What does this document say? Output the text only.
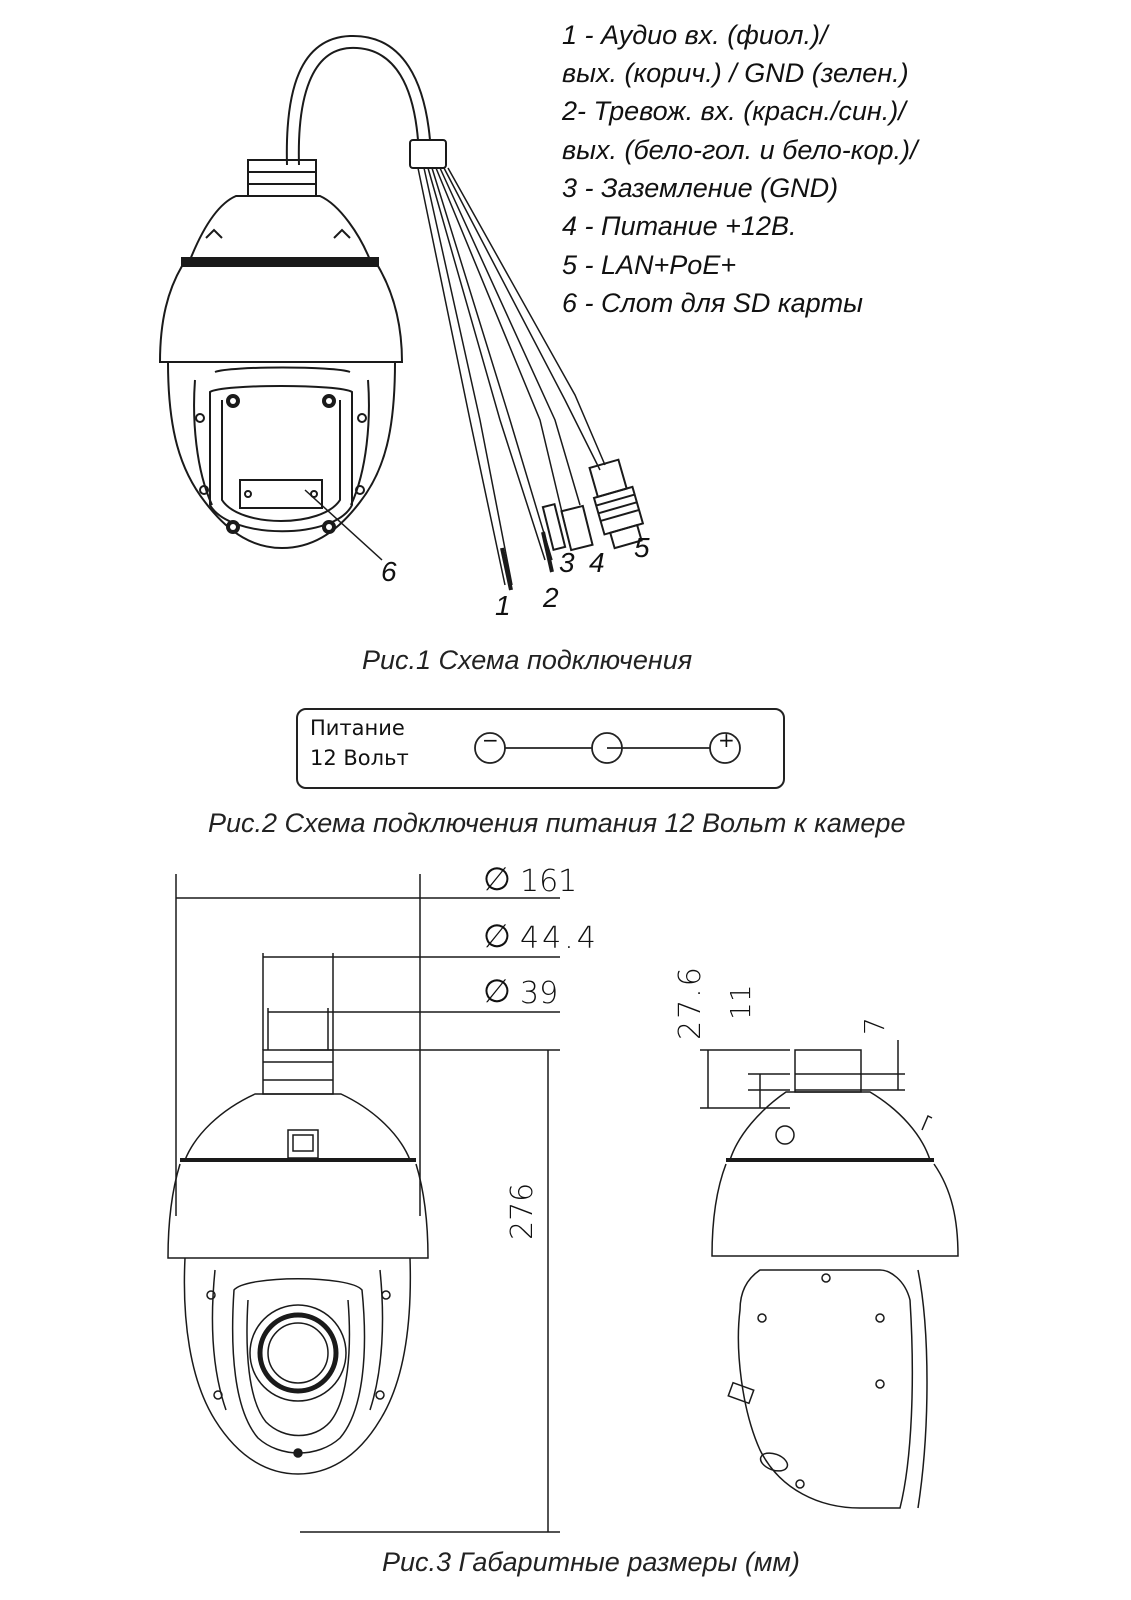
1 - Аудио вх. (фиол.)/
вых. (корич.) / GND (зелен.)
2- Тревож. вх. (красн./син.)/
вых. (бело-гол. и бело-кор.)/
3 - Заземление (GND)
4 - Питание +12В.
5 - LAN+PoE+
6 - Слот для SD карты
6
1 2
3 4 5
Рис.1 Схема подключения
Питание
12 Вольт
−	+
Рис.2 Схема подключения питания 12 Вольт к камере
∅ 161
∅ 44.4
∅ 39
276
27.6 11
7
Рис.3 Габаритные размеры (мм)
